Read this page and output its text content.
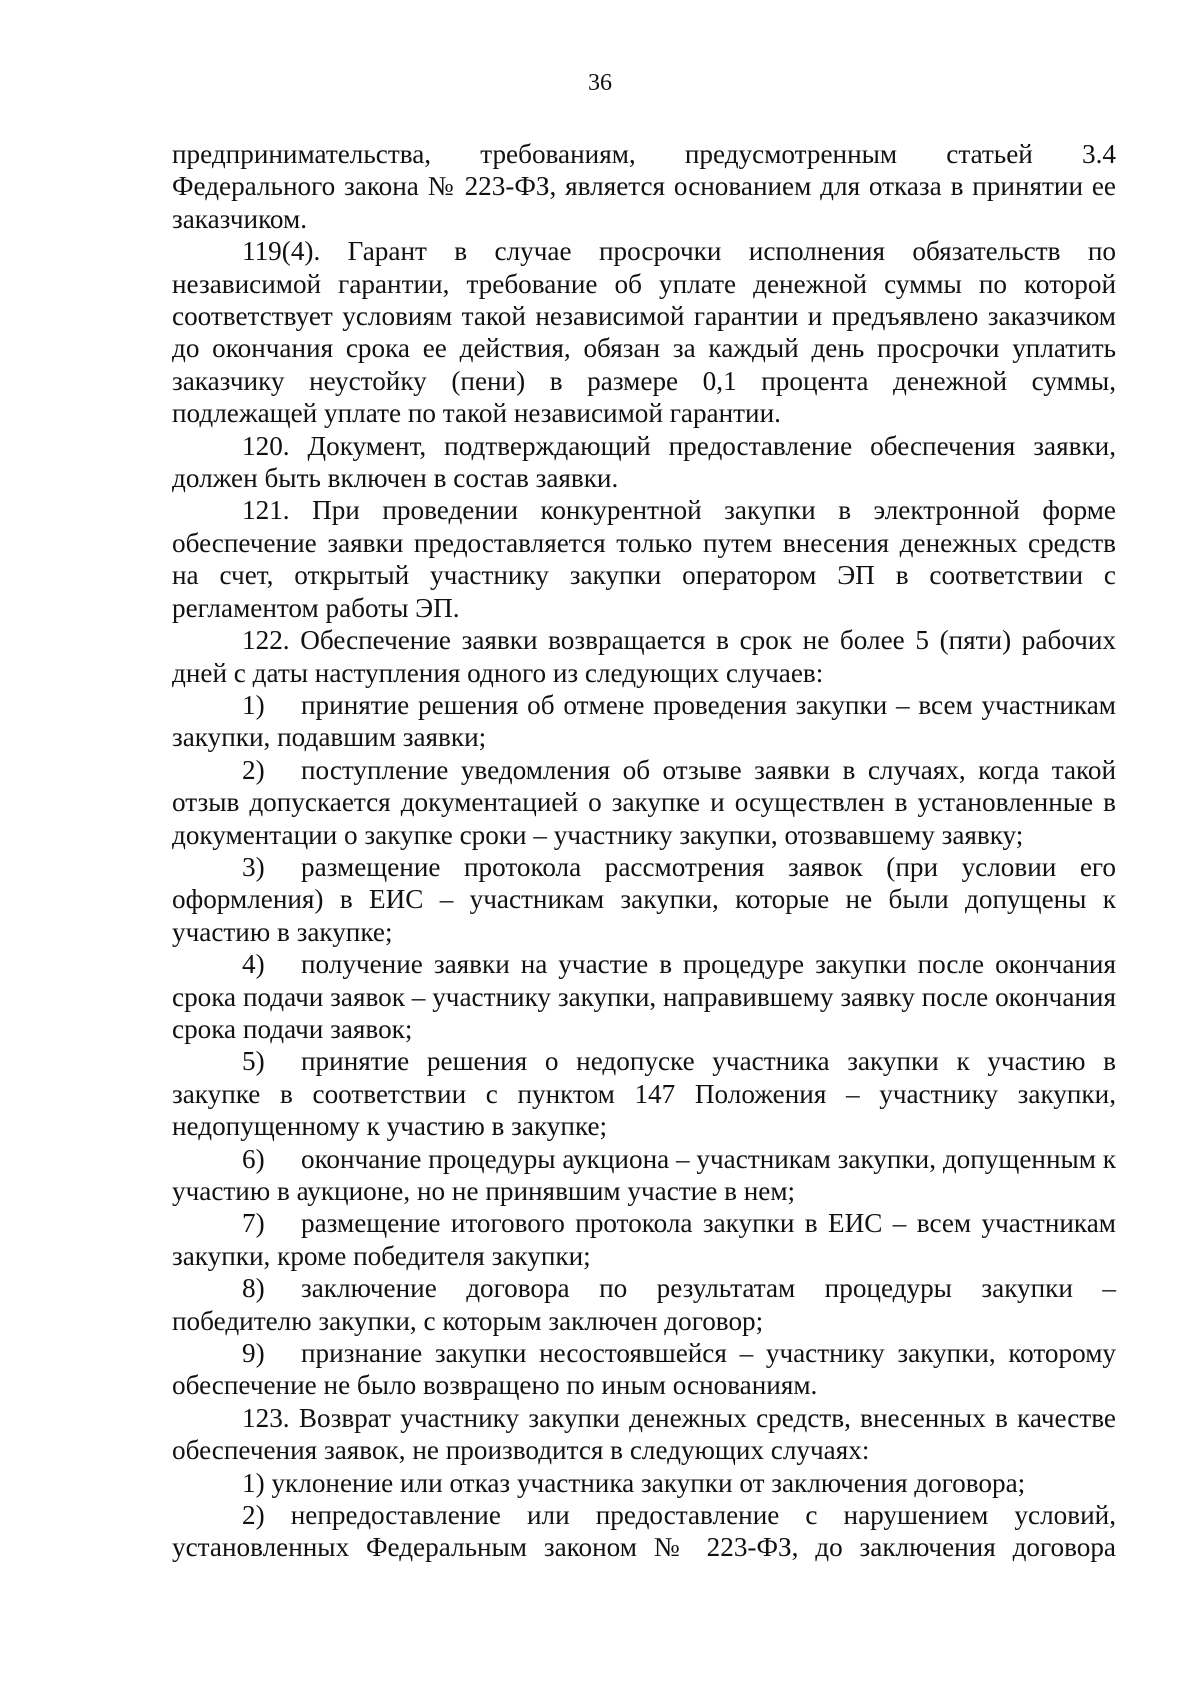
36

предпринимательства, требованиям, предусмотренным статьей 3.4 Федерального закона № 223-ФЗ, является основанием для отказа в принятии ее заказчиком.

119(4). Гарант в случае просрочки исполнения обязательств по независимой гарантии, требование об уплате денежной суммы по которой соответствует условиям такой независимой гарантии и предъявлено заказчиком до окончания срока ее действия, обязан за каждый день просрочки уплатить заказчику неустойку (пени) в размере 0,1 процента денежной суммы, подлежащей уплате по такой независимой гарантии.

120. Документ, подтверждающий предоставление обеспечения заявки, должен быть включен в состав заявки.

121. При проведении конкурентной закупки в электронной форме обеспечение заявки предоставляется только путем внесения денежных средств на счет, открытый участнику закупки оператором ЭП в соответствии с регламентом работы ЭП.

122. Обеспечение заявки возвращается в срок не более 5 (пяти) рабочих дней с даты наступления одного из следующих случаев:

1) принятие решения об отмене проведения закупки – всем участникам закупки, подавшим заявки;

2) поступление уведомления об отзыве заявки в случаях, когда такой отзыв допускается документацией о закупке и осуществлен в установленные в документации о закупке сроки – участнику закупки, отозвавшему заявку;

3) размещение протокола рассмотрения заявок (при условии его оформления) в ЕИС – участникам закупки, которые не были допущены к участию в закупке;

4) получение заявки на участие в процедуре закупки после окончания срока подачи заявок – участнику закупки, направившему заявку после окончания срока подачи заявок;

5) принятие решения о недопуске участника закупки к участию в закупке в соответствии с пунктом 147 Положения – участнику закупки, недопущенному к участию в закупке;

6) окончание процедуры аукциона – участникам закупки, допущенным к участию в аукционе, но не принявшим участие в нем;

7) размещение итогового протокола закупки в ЕИС – всем участникам закупки, кроме победителя закупки;

8) заключение договора по результатам процедуры закупки – победителю закупки, с которым заключен договор;

9) признание закупки несостоявшейся – участнику закупки, которому обеспечение не было возвращено по иным основаниям.

123. Возврат участнику закупки денежных средств, внесенных в качестве обеспечения заявок, не производится в следующих случаях:

1) уклонение или отказ участника закупки от заключения договора;

2) непредоставление или предоставление с нарушением условий, установленных Федеральным законом № 223-ФЗ, до заключения договора
